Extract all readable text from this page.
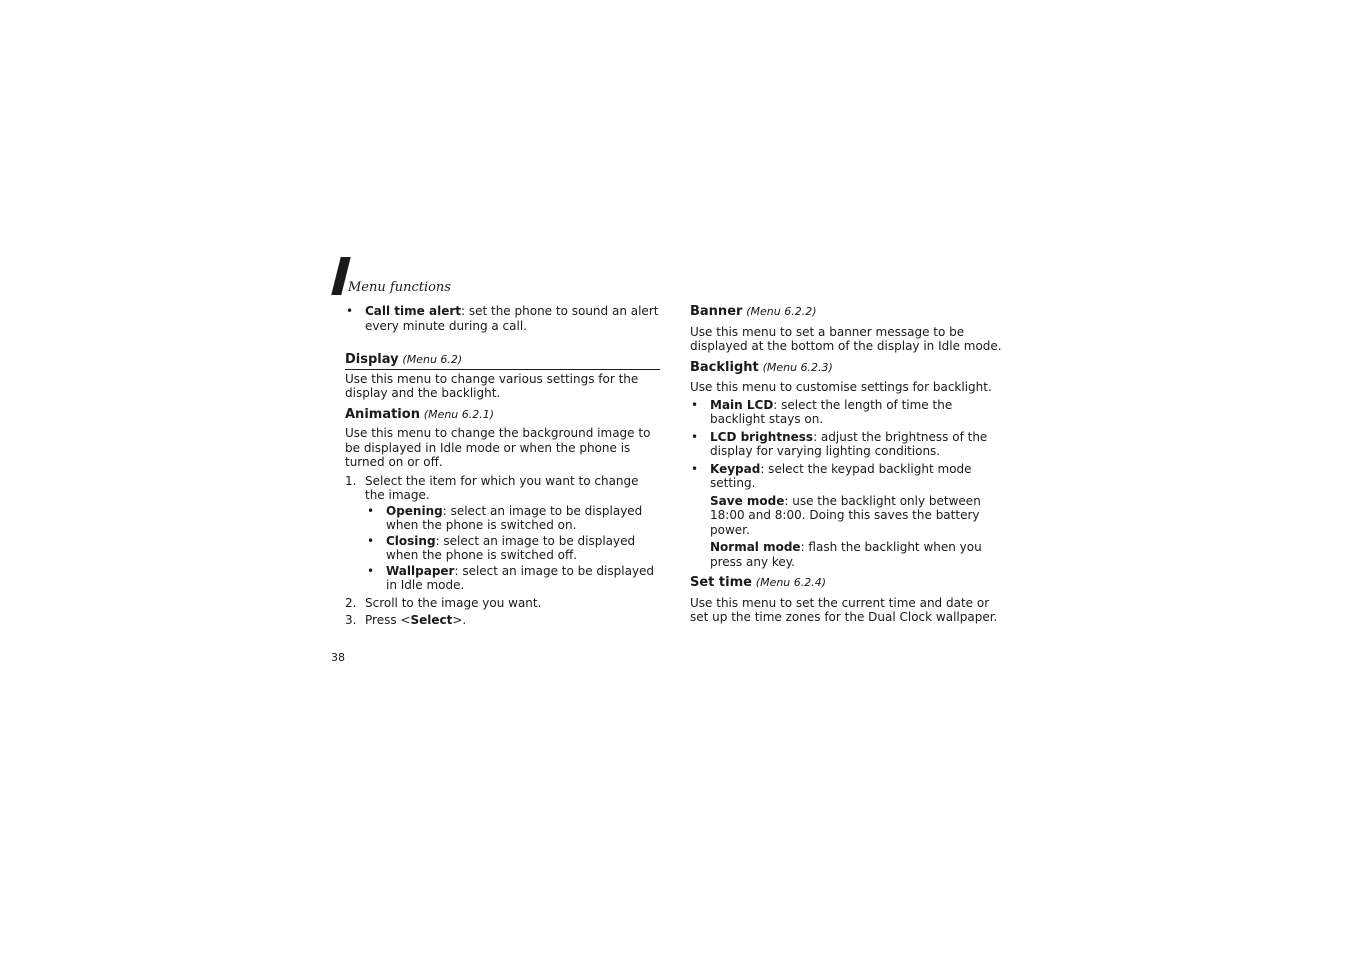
Menu functions

• Call time alert: set the phone to sound an alert every minute during a call.

Display (Menu 6.2)

Use this menu to change various settings for the display and the backlight.

Animation (Menu 6.2.1)

Use this menu to change the background image to be displayed in Idle mode or when the phone is turned on or off.

1. Select the item for which you want to change the image.

• Opening: select an image to be displayed when the phone is switched on.

• Closing: select an image to be displayed when the phone is switched off.

• Wallpaper: select an image to be displayed in Idle mode.

2. Scroll to the image you want.

3. Press <Select>.

Banner (Menu 6.2.2)

Use this menu to set a banner message to be displayed at the bottom of the display in Idle mode.

Backlight (Menu 6.2.3)

Use this menu to customise settings for backlight.

• Main LCD: select the length of time the backlight stays on.

• LCD brightness: adjust the brightness of the display for varying lighting conditions.

• Keypad: select the keypad backlight mode setting.

Save mode: use the backlight only between 18:00 and 8:00. Doing this saves the battery power.

Normal mode: flash the backlight when you press any key.

Set time (Menu 6.2.4)

Use this menu to set the current time and date or set up the time zones for the Dual Clock wallpaper.

38
